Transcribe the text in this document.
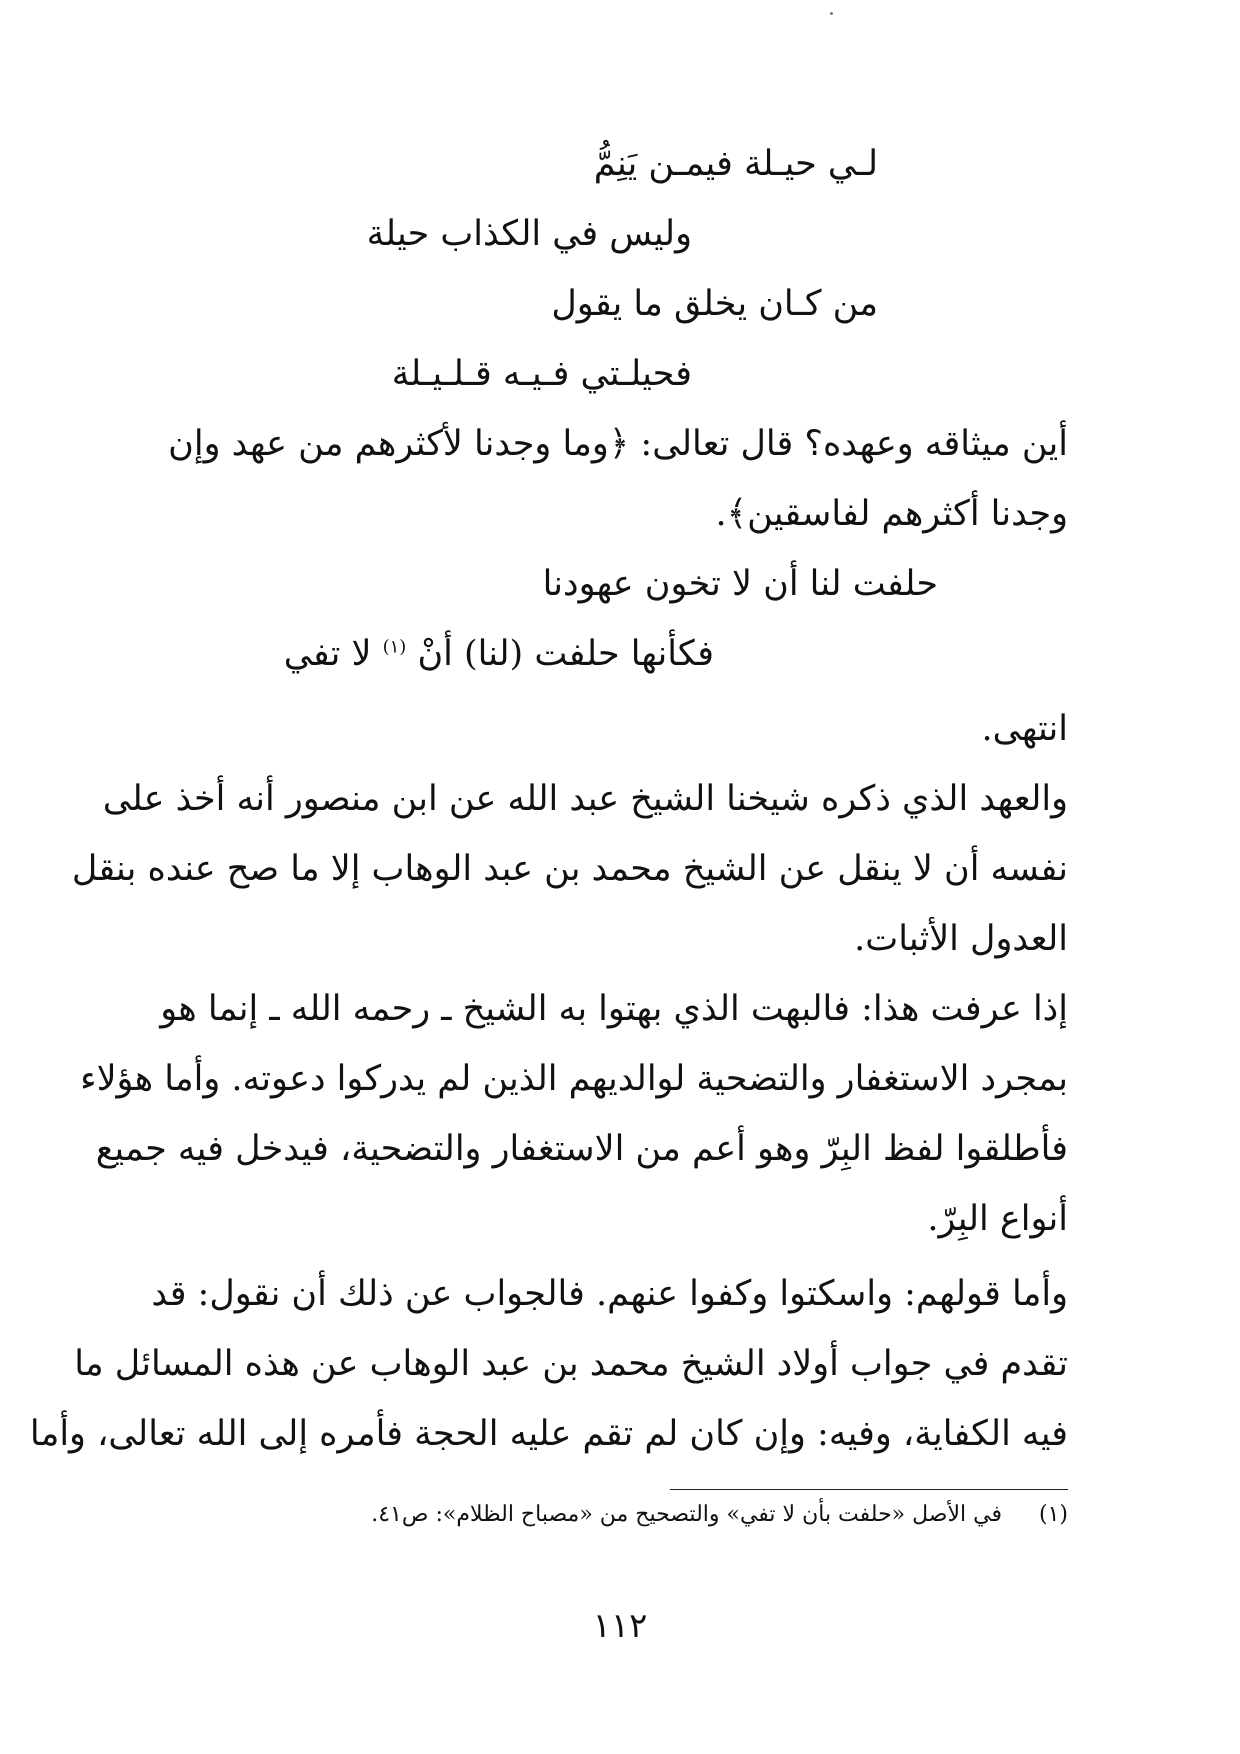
لـي حيـلة فيمـن يَنِمُّ
وليس في الكذاب حيلة
من كـان يخلق ما يقول
فحيلـتي فـيـه قـلـيـلة
أين ميثاقه وعهده؟ قال تعالى: ﴿وما وجدنا لأكثرهم من عهد وإن
وجدنا أكثرهم لفاسقين﴾.
حلفت لنا أن لا تخون عهودنا
فكأنها حلفت (لنا) أنْ $^{(١)}$ لا تفي
انتهى.
والعهد الذي ذكره شيخنا الشيخ عبد الله عن ابن منصور أنه أخذ على
نفسه أن لا ينقل عن الشيخ محمد بن عبد الوهاب إلا ما صح عنده بنقل
العدول الأثبات.
إذا عرفت هذا: فالبهت الذي بهتوا به الشيخ ـ رحمه الله ـ إنما هو
بمجرد الاستغفار والتضحية لوالديهم الذين لم يدركوا دعوته. وأما هؤلاء
فأطلقوا لفظ البِرّ وهو أعم من الاستغفار والتضحية، فيدخل فيه جميع
أنواع البِرّ.
وأما قولهم: واسكتوا وكفوا عنهم. فالجواب عن ذلك أن نقول: قد
تقدم في جواب أولاد الشيخ محمد بن عبد الوهاب عن هذه المسائل ما
فيه الكفاية، وفيه: وإن كان لم تقم عليه الحجة فأمره إلى الله تعالى، وأما
(١) في الأصل «حلفت بأن لا تفي» والتصحيح من «مصباح الظلام»: ص٤١.
١١٢
